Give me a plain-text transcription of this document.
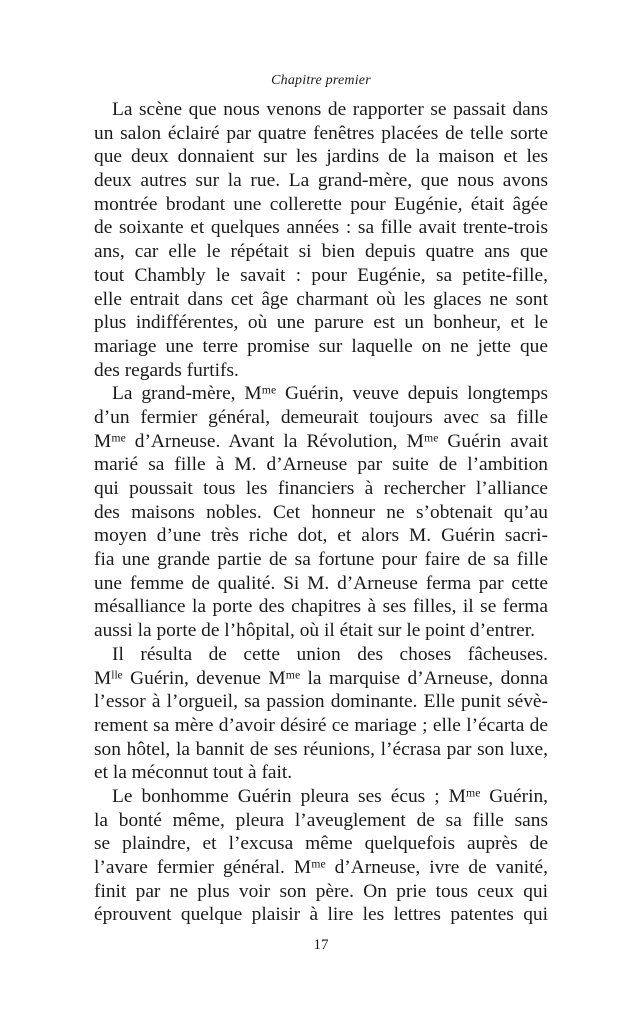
Chapitre premier
La scène que nous venons de rapporter se passait dans
un salon éclairé par quatre fenêtres placées de telle sorte
que deux donnaient sur les jardins de la maison et les
deux autres sur la rue. La grand-mère, que nous avons
montrée brodant une collerette pour Eugénie, était âgée
de soixante et quelques années : sa fille avait trente-trois
ans, car elle le répétait si bien depuis quatre ans que
tout Chambly le savait : pour Eugénie, sa petite-fille,
elle entrait dans cet âge charmant où les glaces ne sont
plus indifférentes, où une parure est un bonheur, et le
mariage une terre promise sur laquelle on ne jette que
des regards furtifs.
La grand-mère, Mᵐᵉ Guérin, veuve depuis longtemps
d’un fermier général, demeurait toujours avec sa fille
Mᵐᵉ d’Arneuse. Avant la Révolution, Mᵐᵉ Guérin avait
marié sa fille à M. d’Arneuse par suite de l’ambition
qui poussait tous les financiers à rechercher l’alliance
des maisons nobles. Cet honneur ne s’obtenait qu’au
moyen d’une très riche dot, et alors M. Guérin sacri-
fia une grande partie de sa fortune pour faire de sa fille
une femme de qualité. Si M. d’Arneuse ferma par cette
mésalliance la porte des chapitres à ses filles, il se ferma
aussi la porte de l’hôpital, où il était sur le point d’entrer.
Il résulta de cette union des choses fâcheuses.
Mˡˡᵉ Guérin, devenue Mᵐᵉ la marquise d’Arneuse, donna
l’essor à l’orgueil, sa passion dominante. Elle punit sévè-
rement sa mère d’avoir désiré ce mariage ; elle l’écarta de
son hôtel, la bannit de ses réunions, l’écrasa par son luxe,
et la méconnut tout à fait.
Le bonhomme Guérin pleura ses écus ; Mᵐᵉ Guérin,
la bonté même, pleura l’aveuglement de sa fille sans
se plaindre, et l’excusa même quelquefois auprès de
l’avare fermier général. Mᵐᵉ d’Arneuse, ivre de vanité,
finit par ne plus voir son père. On prie tous ceux qui
éprouvent quelque plaisir à lire les lettres patentes qui
17
